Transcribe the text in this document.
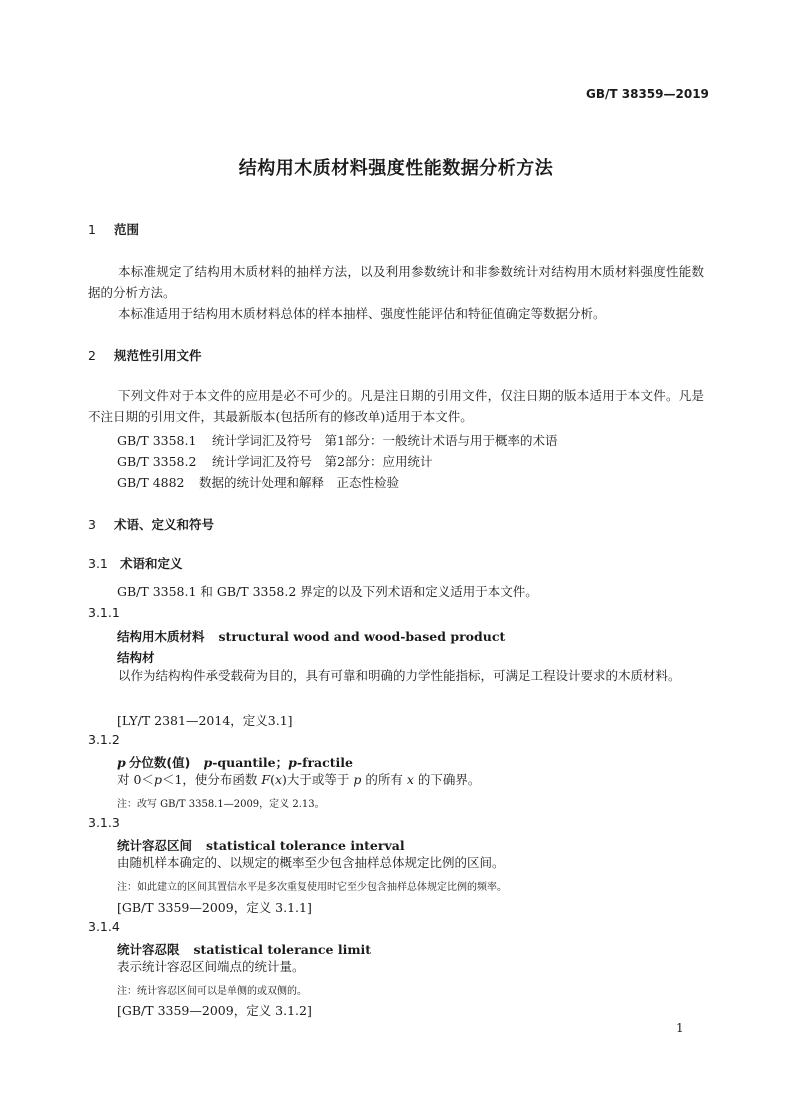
GB/T 38359—2019
结构用木质材料强度性能数据分析方法
1 范围
本标准规定了结构用木质材料的抽样方法，以及利用参数统计和非参数统计对结构用木质材料强度性能数据的分析方法。
本标准适用于结构用木质材料总体的样本抽样、强度性能评估和特征值确定等数据分析。
2 规范性引用文件
下列文件对于本文件的应用是必不可少的。凡是注日期的引用文件，仅注日期的版本适用于本文件。凡是不注日期的引用文件，其最新版本(包括所有的修改单)适用于本文件。
GB/T 3358.1 统计学词汇及符号　第1部分：一般统计术语与用于概率的术语
GB/T 3358.2 统计学词汇及符号　第2部分：应用统计
GB/T 4882 数据的统计处理和解释　正态性检验
3 术语、定义和符号
3.1 术语和定义
GB/T 3358.1 和 GB/T 3358.2 界定的以及下列术语和定义适用于本文件。
3.1.1
结构用木质材料 structural wood and wood-based product
结构材
以作为结构构件承受载荷为目的，具有可靠和明确的力学性能指标，可满足工程设计要求的木质材料。
[LY/T 2381—2014，定义3.1]
3.1.2
p 分位数(值) p-quantile；p-fractile
对 0＜p＜1，使分布函数 F(x)大于或等于 p 的所有 x 的下确界。
注：改写 GB/T 3358.1—2009，定义 2.13。
3.1.3
统计容忍区间 statistical tolerance interval
由随机样本确定的、以规定的概率至少包含抽样总体规定比例的区间。
注：如此建立的区间其置信水平是多次重复使用时它至少包含抽样总体规定比例的频率。
[GB/T 3359—2009，定义 3.1.1]
3.1.4
统计容忍限 statistical tolerance limit
表示统计容忍区间端点的统计量。
注：统计容忍区间可以是单侧的或双侧的。
[GB/T 3359—2009，定义 3.1.2]
1
